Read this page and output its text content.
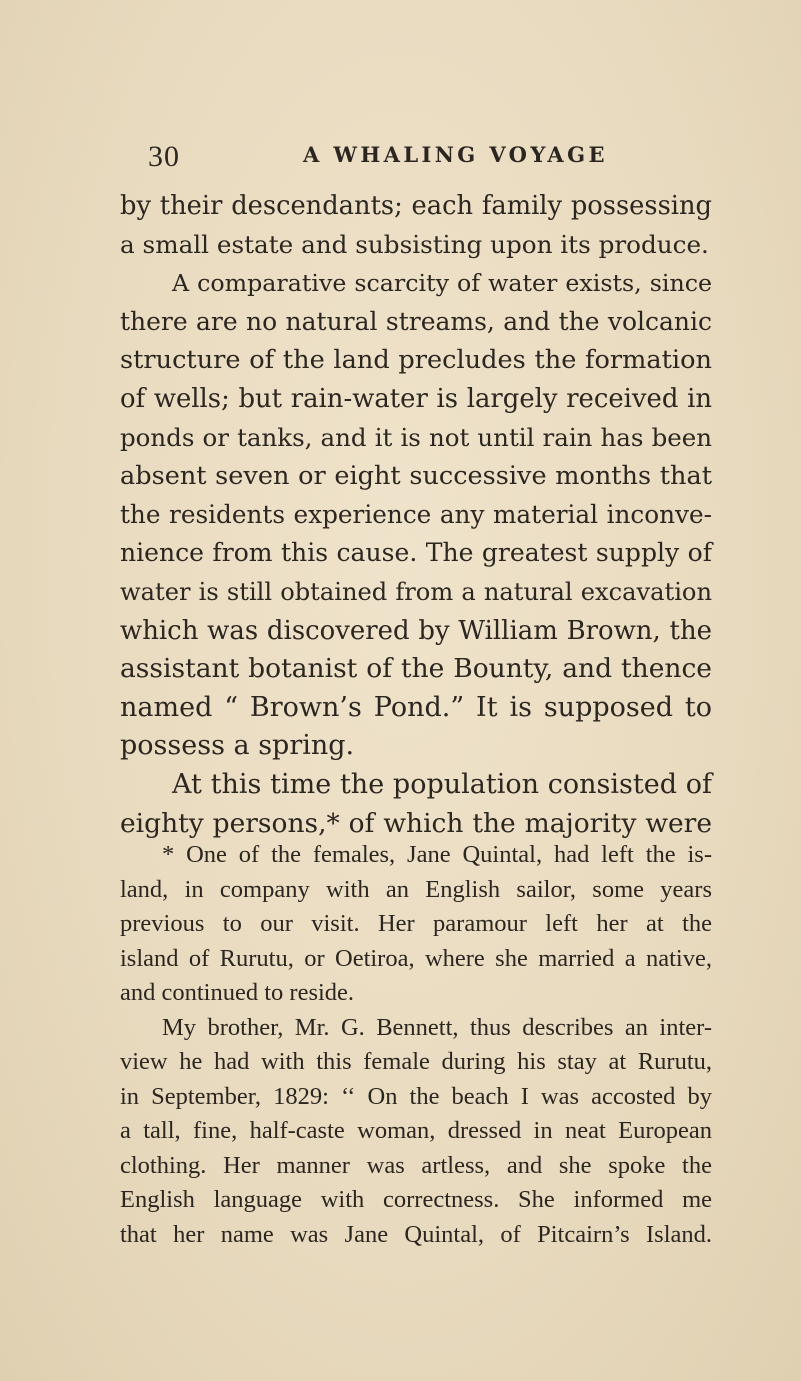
30	A WHALING VOYAGE
by their descendants; each family possessing
a small estate and subsisting upon its produce.
A comparative scarcity of water exists, since
there are no natural streams, and the volcanic
structure of the land precludes the formation
of wells; but rain-water is largely received in
ponds or tanks, and it is not until rain has been
absent seven or eight successive months that
the residents experience any material inconve-
nience from this cause. The greatest supply of
water is still obtained from a natural excavation
which was discovered by William Brown, the
assistant botanist of the Bounty, and thence
named “ Brown’s Pond.” It is supposed to
possess a spring.
At this time the population consisted of
eighty persons,* of which the majority were
* One of the females, Jane Quintal, had left the is-
land, in company with an English sailor, some years
previous to our visit. Her paramour left her at the
island of Rurutu, or Oetiroa, where she married a native,
and continued to reside.
My brother, Mr. G. Bennett, thus describes an inter-
view he had with this female during his stay at Rurutu,
in September, 1829: ‘‘ On the beach I was accosted by
a tall, fine, half-caste woman, dressed in neat European
clothing. Her manner was artless, and she spoke the
English language with correctness. She informed me
that her name was Jane Quintal, of Pitcairn’s Island.
